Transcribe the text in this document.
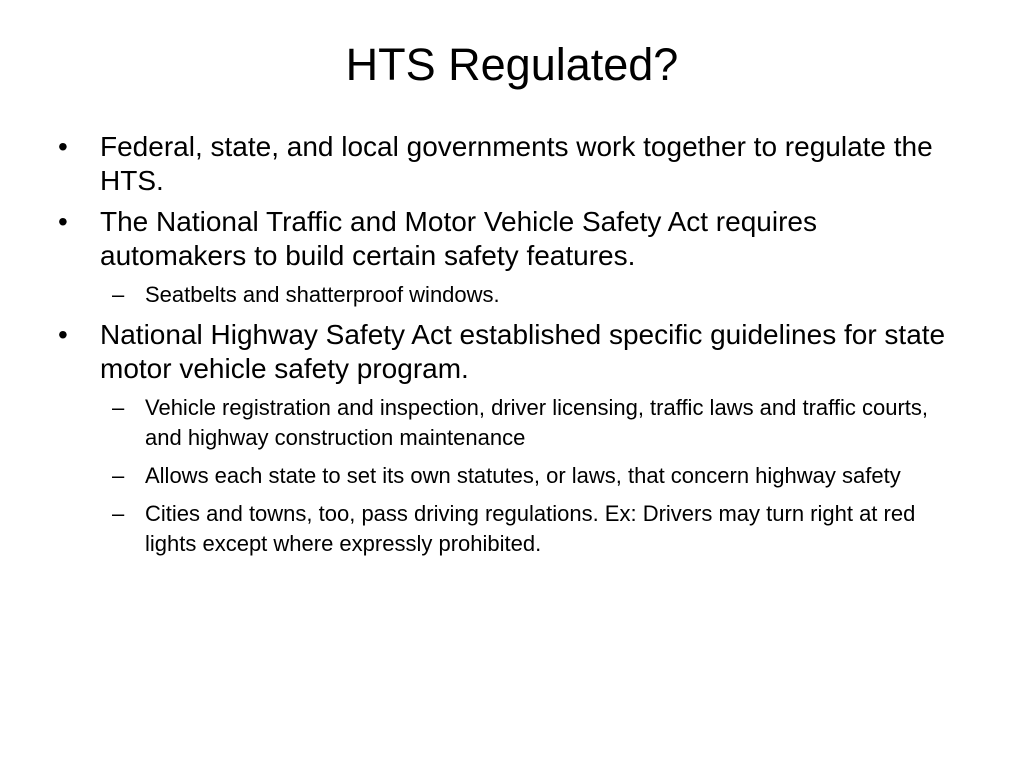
HTS Regulated?
•	Federal, state, and local governments work together to regulate the HTS.
•	The National Traffic and Motor Vehicle Safety Act requires automakers to build certain safety features.
– Seatbelts and shatterproof windows.
•	National Highway Safety Act established specific guidelines for state motor vehicle safety program.
– Vehicle registration and inspection, driver licensing, traffic laws and traffic courts, and highway construction maintenance
– Allows each state to set its own statutes, or laws, that concern highway safety
– Cities and towns, too, pass driving regulations. Ex: Drivers may turn right at red lights except where expressly prohibited.
